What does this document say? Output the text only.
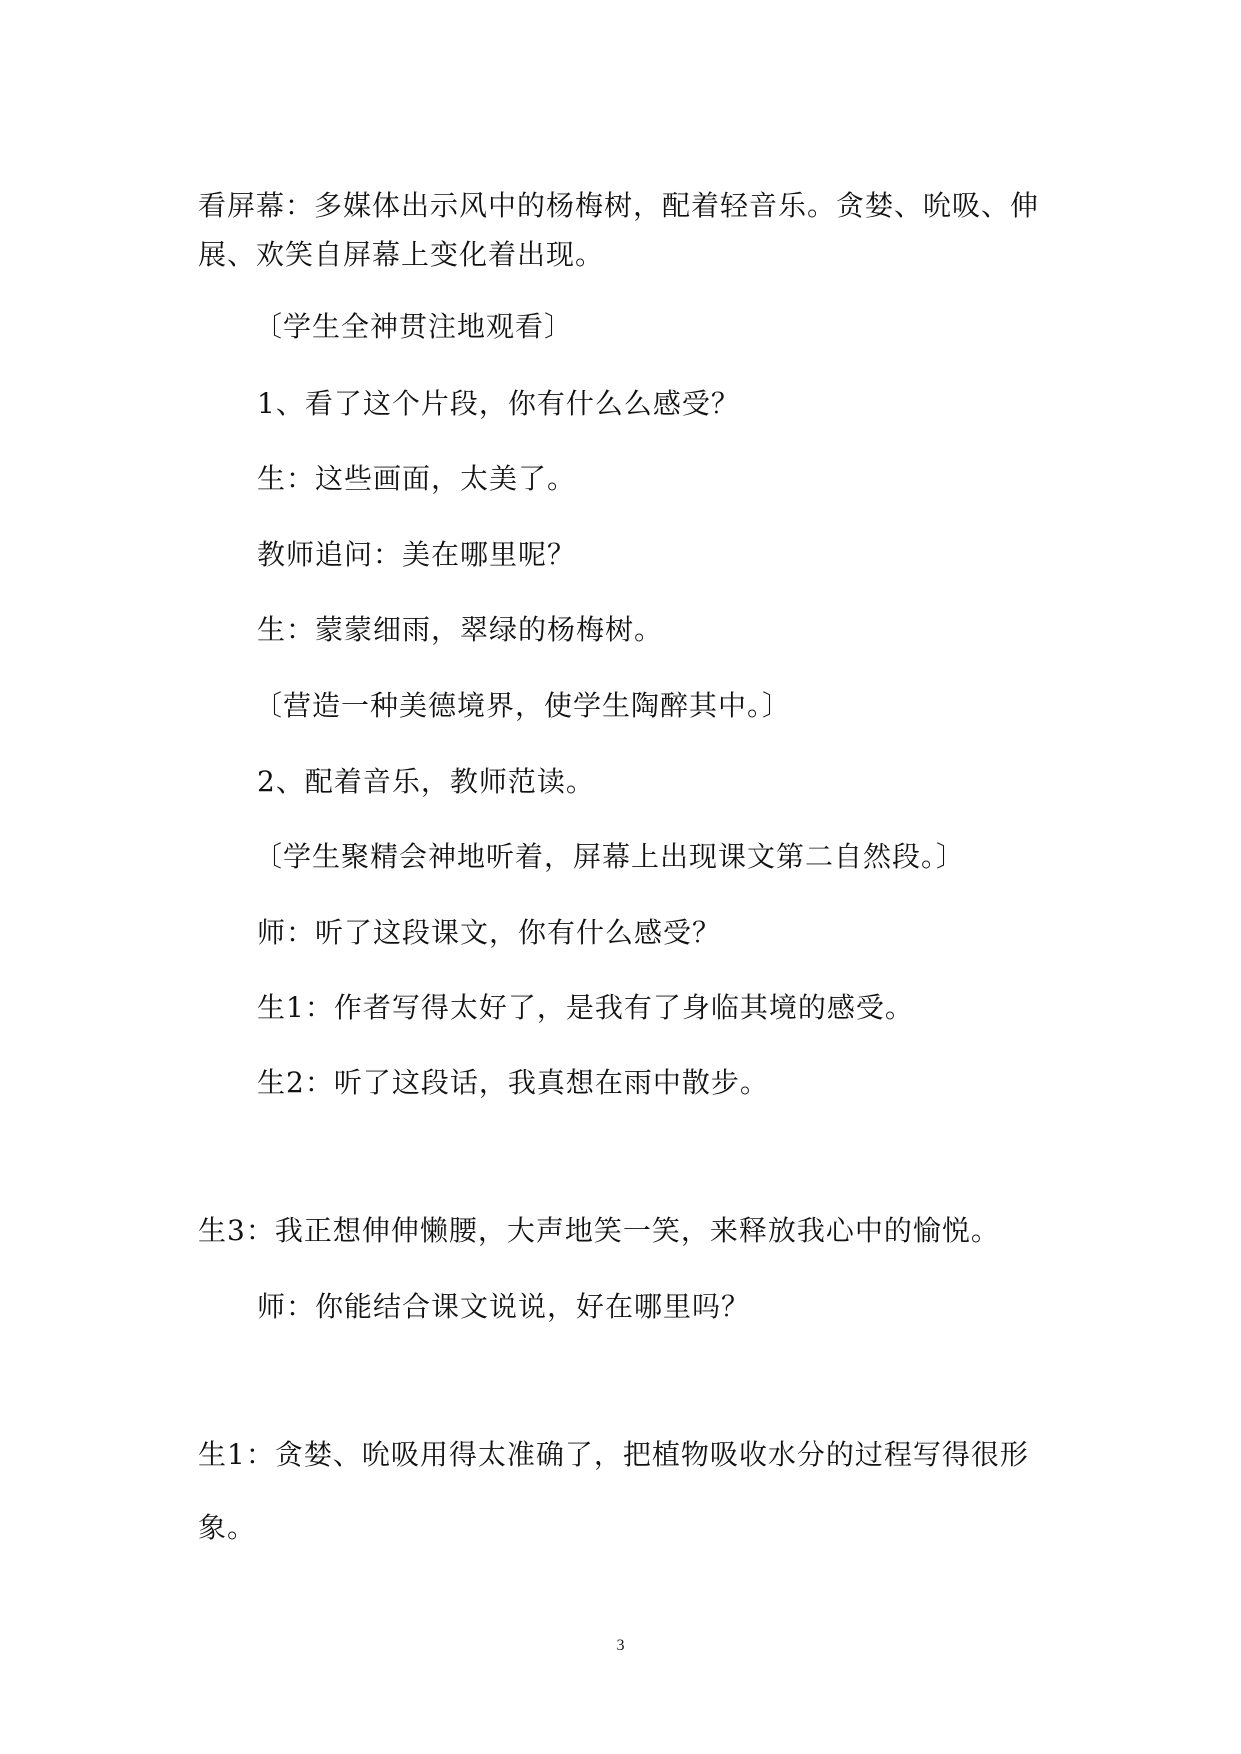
看屏幕：多媒体出示风中的杨梅树，配着轻音乐。贪婪、吮吸、伸

展、欢笑自屏幕上变化着出现。

〔学生全神贯注地观看〕

1、看了这个片段，你有什么么感受？

生：这些画面，太美了。

教师追问：美在哪里呢？

生：蒙蒙细雨，翠绿的杨梅树。

〔营造一种美德境界，使学生陶醉其中。〕

2、配着音乐，教师范读。

〔学生聚精会神地听着，屏幕上出现课文第二自然段。〕

师：听了这段课文，你有什么感受？

生1：作者写得太好了，是我有了身临其境的感受。

生2：听了这段话，我真想在雨中散步。

生3：我正想伸伸懒腰，大声地笑一笑，来释放我心中的愉悦。

师：你能结合课文说说，好在哪里吗？

生1：贪婪、吮吸用得太准确了，把植物吸收水分的过程写得很形

象。

3
